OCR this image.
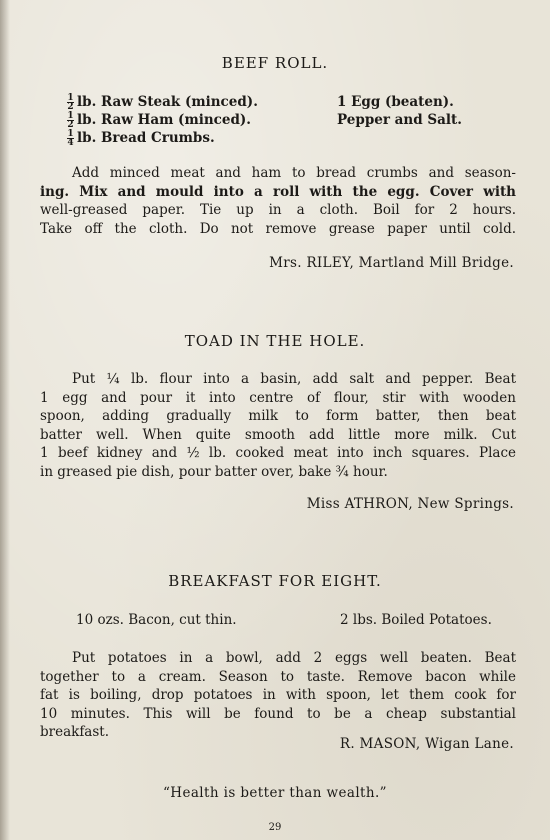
​
BEEF ROLL.
$\frac{1}{2}$ lb. Raw Steak (minced).
$\frac{1}{2}$ lb. Raw Ham (minced).
$\frac{1}{4}$ lb. Bread Crumbs.
1 Egg (beaten).
Pepper and Salt.
Add minced meat and ham to bread crumbs and season-
ing. Mix and mould into a roll with the egg. Cover with
well-greased paper. Tie up in a cloth. Boil for 2 hours.
Take off the cloth. Do not remove grease paper until cold.
Mrs. RILEY, Martland Mill Bridge.
TOAD IN THE HOLE.
Put ¼ lb. flour into a basin, add salt and pepper. Beat
1 egg and pour it into centre of flour, stir with wooden
spoon, adding gradually milk to form batter, then beat
batter well. When quite smooth add little more milk. Cut
1 beef kidney and ½ lb. cooked meat into inch squares. Place
in greased pie dish, pour batter over, bake ¾ hour.
Miss ATHRON, New Springs.
BREAKFAST FOR EIGHT.
10 ozs. Bacon, cut thin.	2 lbs. Boiled Potatoes.
Put potatoes in a bowl, add 2 eggs well beaten. Beat
together to a cream. Season to taste. Remove bacon while
fat is boiling, drop potatoes in with spoon, let them cook for
10 minutes. This will be found to be a cheap substantial
breakfast.
R. MASON, Wigan Lane.
“Health is better than wealth.”
29
